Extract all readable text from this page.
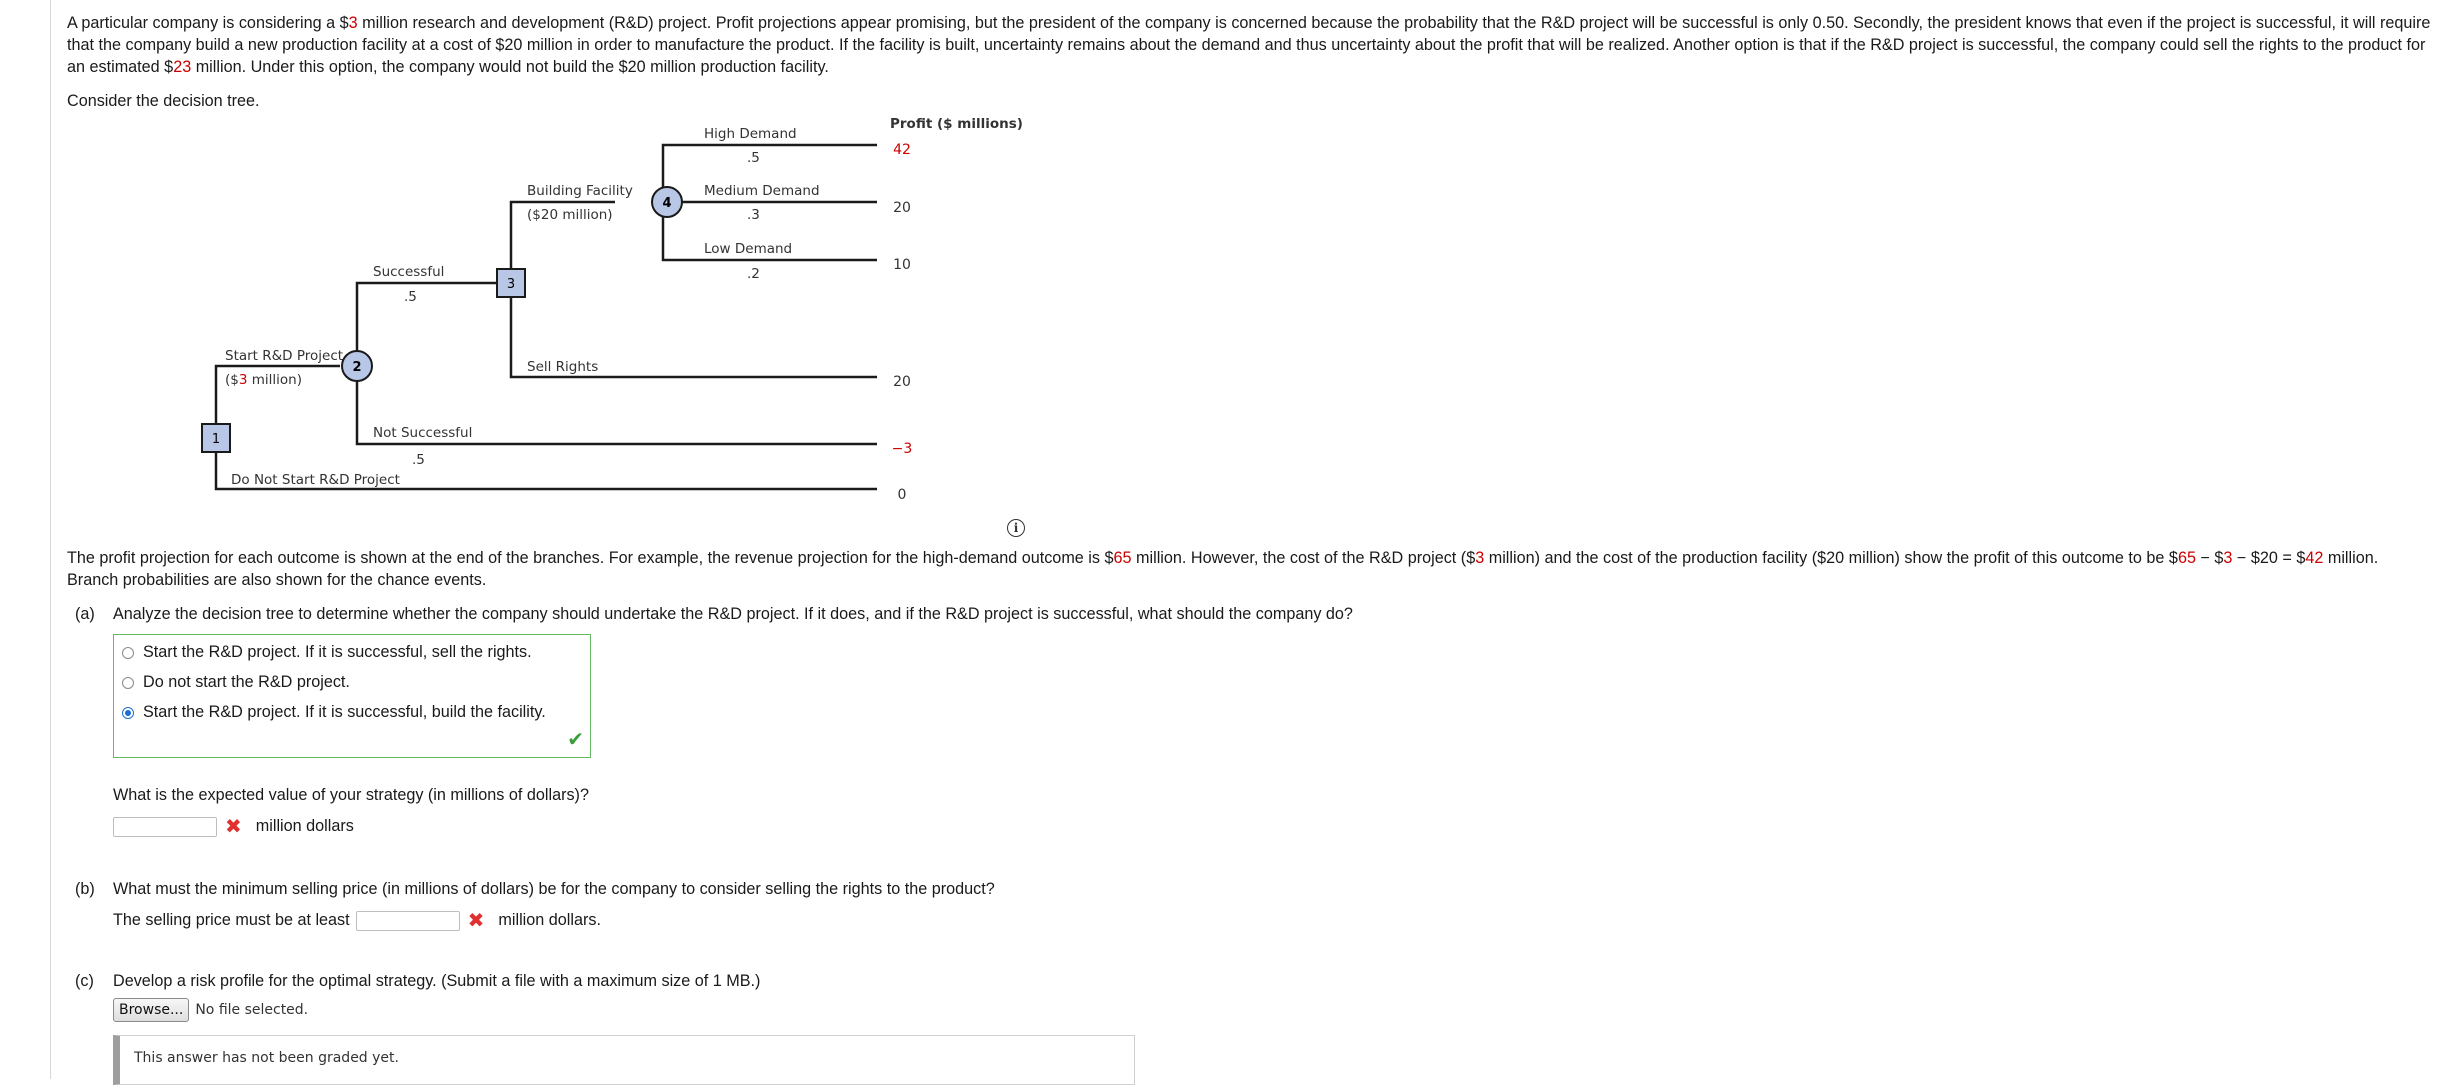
A particular company is considering a $3 million research and development (R&D) project. Profit projections appear promising, but the president of the company is concerned because the probability that the R&D project will be successful is only 0.50. Secondly, the president knows that even if the project is successful, it will require that the company build a new production facility at a cost of $20 million in order to manufacture the product. If the facility is built, uncertainty remains about the demand and thus uncertainty about the profit that will be realized. Another option is that if the R&D project is successful, the company could sell the rights to the product for an estimated $23 million. Under this option, the company would not build the $20 million production facility.

Consider the decision tree.
1
2
3
4
Start R&D Project
($3 million)
Successful
.5
Not Successful
.5
Building Facility
($20 million)
Sell Rights
High Demand
.5
Medium Demand
.3
Low Demand
.2
Do Not Start R&D Project
Profit ($ millions)
42
20
10
20
−3
0
i

The profit projection for each outcome is shown at the end of the branches. For example, the revenue projection for the high-demand outcome is $65 million. However, the cost of the R&D project ($3 million) and the cost of the production facility ($20 million) show the profit of this outcome to be $65 − $3 − $20 = $42 million. Branch probabilities are also shown for the chance events.

(a) Analyze the decision tree to determine whether the company should undertake the R&D project. If it does, and if the R&D project is successful, what should the company do?
Start the R&D project. If it is successful, sell the rights.
Do not start the R&D project.
Start the R&D project. If it is successful, build the facility.
✔
What is the expected value of your strategy (in millions of dollars)?
✖ million dollars
(b) What must the minimum selling price (in millions of dollars) be for the company to consider selling the rights to the product?
The selling price must be at least	✖ million dollars.
(c) Develop a risk profile for the optimal strategy. (Submit a file with a maximum size of 1 MB.)
Browse... No file selected.
This answer has not been graded yet.
